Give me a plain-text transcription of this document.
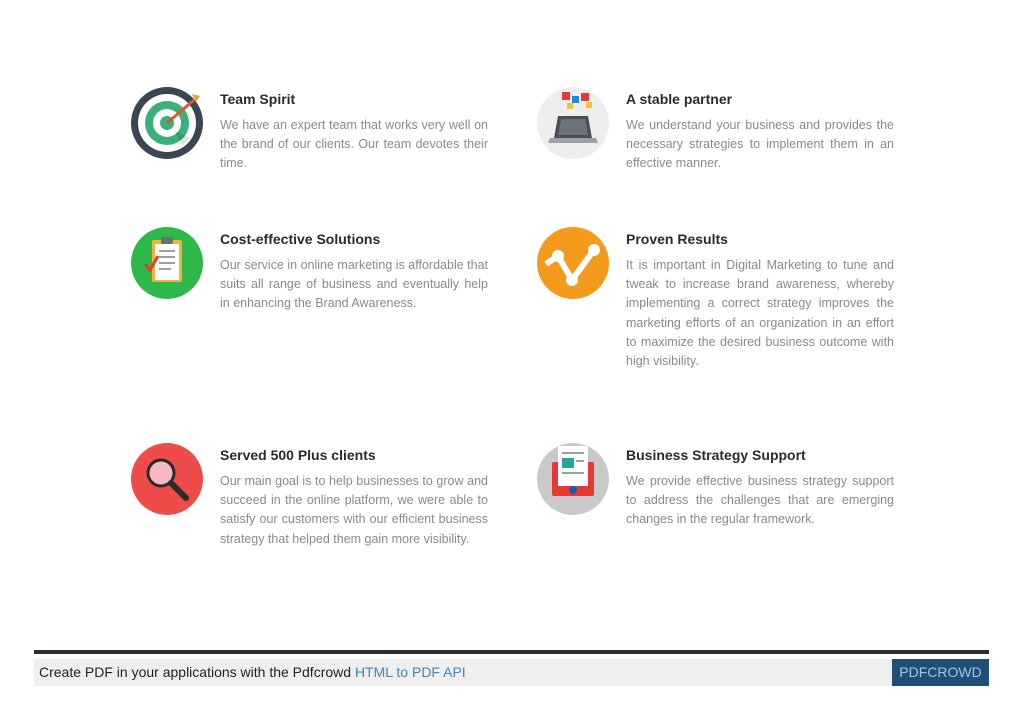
Team Spirit

We have an expert team that works very well on the brand of our clients. Our team devotes their time.

A stable partner

We understand your business and provides the necessary strategies to implement them in an effective manner.

Cost-effective Solutions

Our service in online marketing is affordable that suits all range of business and eventually help in enhancing the Brand Awareness.

Proven Results

It is important in Digital Marketing to tune and tweak to increase brand awareness, whereby implementing a correct strategy improves the marketing efforts of an organization in an effort to maximize the desired business outcome with high visibility.

Served 500 Plus clients

Our main goal is to help businesses to grow and succeed in the online platform, we were able to satisfy our customers with our efficient business strategy that helped them gain more visibility.

Business Strategy Support

We provide effective business strategy support to address the challenges that are emerging changes in the regular framework.

Create PDF in your applications with the Pdfcrowd HTML to PDF API	PDFCROWD
